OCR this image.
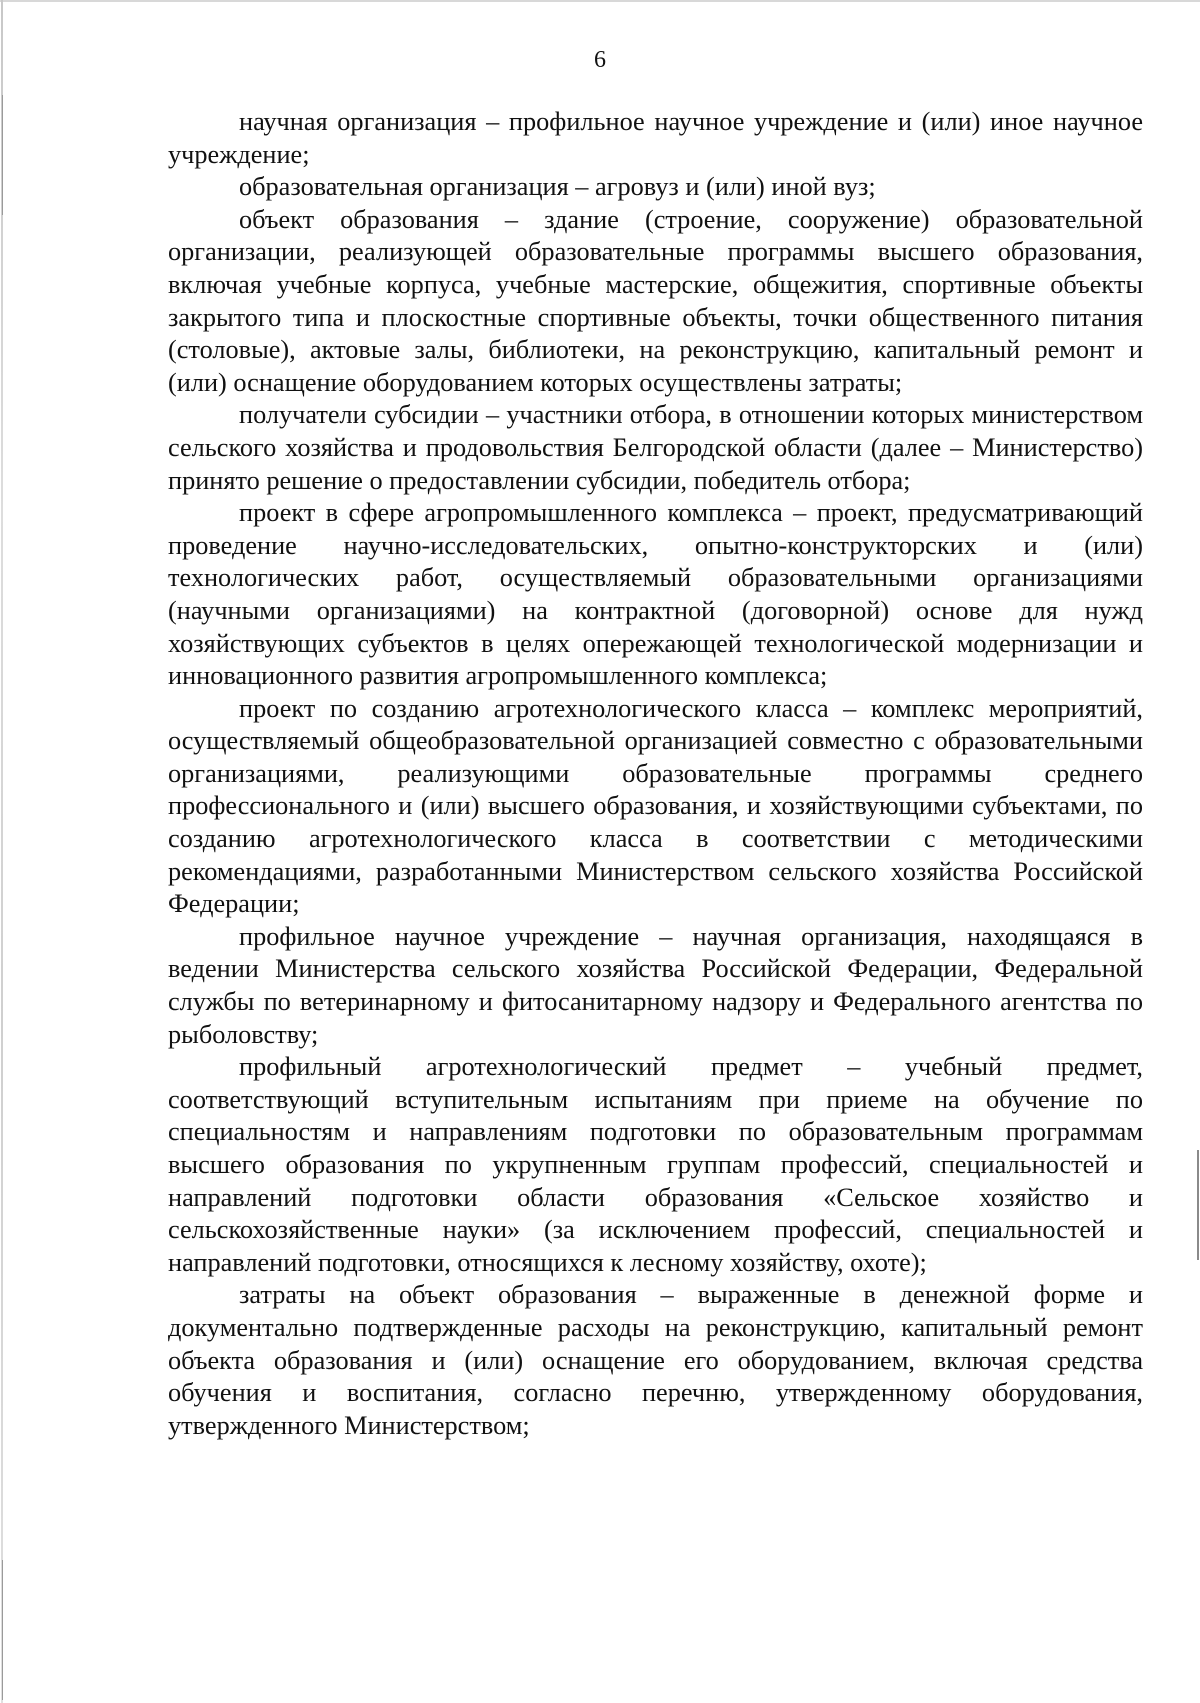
6

научная организация – профильное научное учреждение и (или) иное научное учреждение;

образовательная организация – агровуз и (или) иной вуз;

объект образования – здание (строение, сооружение) образовательной организации, реализующей образовательные программы высшего образования, включая учебные корпуса, учебные мастерские, общежития, спортивные объекты закрытого типа и плоскостные спортивные объекты, точки общественного питания (столовые), актовые залы, библиотеки, на реконструкцию, капитальный ремонт и (или) оснащение оборудованием которых осуществлены затраты;

получатели субсидии – участники отбора, в отношении которых министерством сельского хозяйства и продовольствия Белгородской области (далее – Министерство) принято решение о предоставлении субсидии, победитель отбора;

проект в сфере агропромышленного комплекса – проект, предусматривающий проведение научно-исследовательских, опытно-конструкторских и (или) технологических работ, осуществляемый образовательными организациями (научными организациями) на контрактной (договорной) основе для нужд хозяйствующих субъектов в целях опережающей технологической модернизации и инновационного развития агропромышленного комплекса;

проект по созданию агротехнологического класса – комплекс мероприятий, осуществляемый общеобразовательной организацией совместно с образовательными организациями, реализующими образовательные программы среднего профессионального и (или) высшего образования, и хозяйствующими субъектами, по созданию агротехнологического класса в соответствии с методическими рекомендациями, разработанными Министерством сельского хозяйства Российской Федерации;

профильное научное учреждение – научная организация, находящаяся в ведении Министерства сельского хозяйства Российской Федерации, Федеральной службы по ветеринарному и фитосанитарному надзору и Федерального агентства по рыболовству;

профильный агротехнологический предмет – учебный предмет, соответствующий вступительным испытаниям при приеме на обучение по специальностям и направлениям подготовки по образовательным программам высшего образования по укрупненным группам профессий, специальностей и направлений подготовки области образования «Сельское хозяйство и сельскохозяйственные науки» (за исключением профессий, специальностей и направлений подготовки, относящихся к лесному хозяйству, охоте);

затраты на объект образования – выраженные в денежной форме и документально подтвержденные расходы на реконструкцию, капитальный ремонт объекта образования и (или) оснащение его оборудованием, включая средства обучения и воспитания, согласно перечню, утвержденному оборудования, утвержденного Министерством;
